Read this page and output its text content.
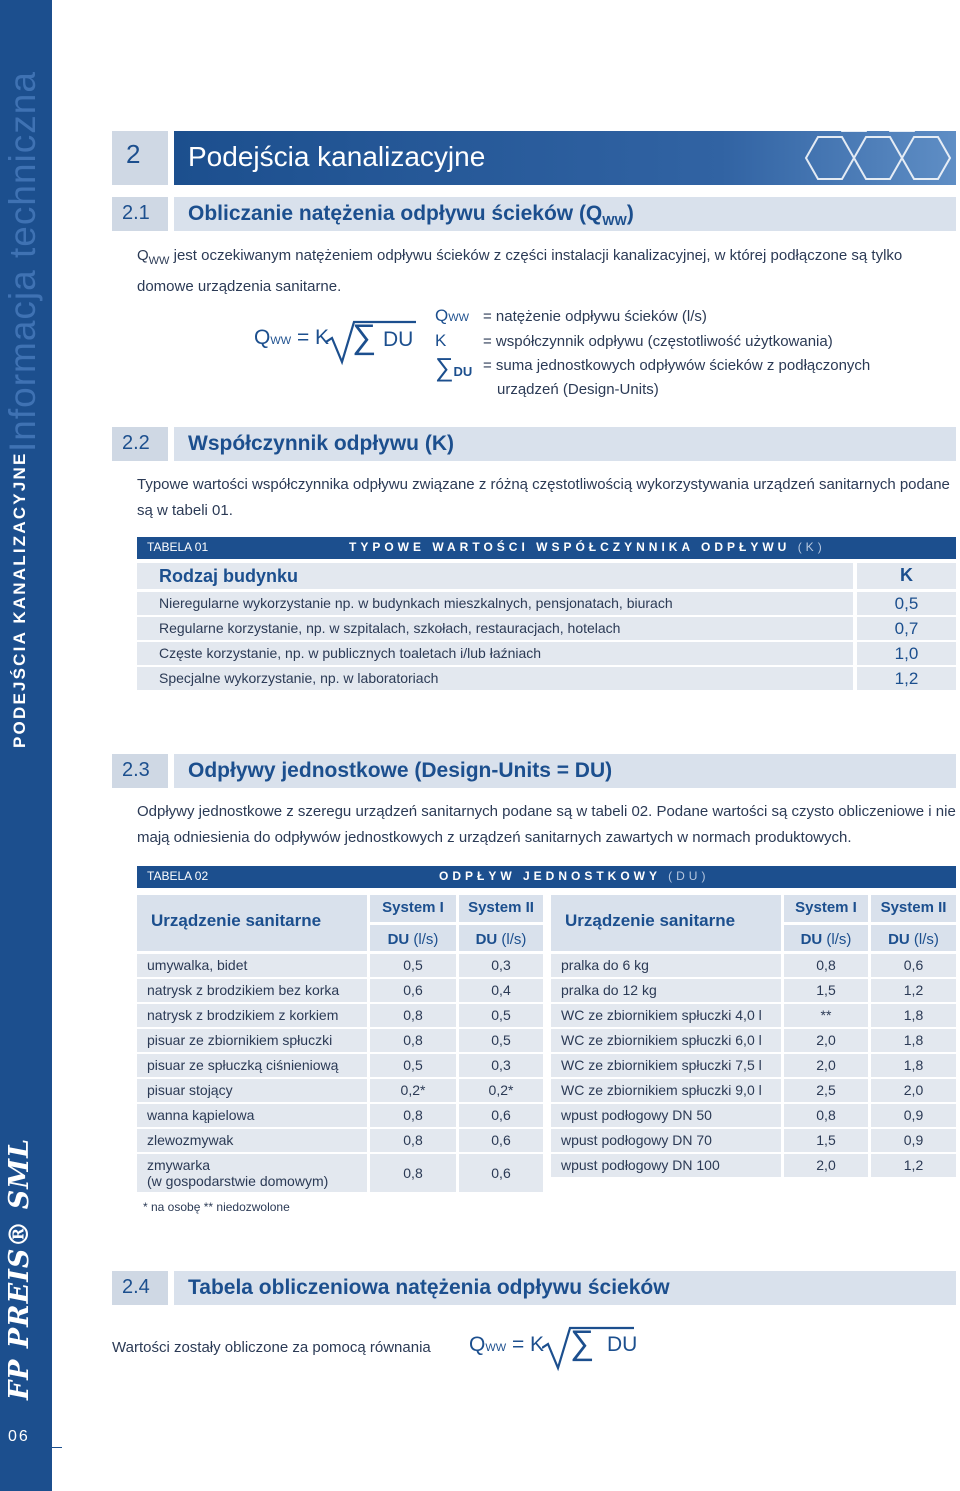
Informacja techniczna
PODEJŚCIA KANALIZACYJNE
FP PREIS® SML
06
2	Podejścia kanalizacyjne
2.1	Obliczanie natężenia odpływu ścieków $(Q_{WW})$
$Q_{WW}$ jest oczekiwanym natężeniem odpływu ścieków z części instalacji kanalizacyjnej, w której podłączone są tylko domowe urządzenia sanitarne.
QWW = K ∑ DU
QWW = natężenie odpływu ścieków (l/s)
K = współczynnik odpływu (częstotliwość użytkowania)
∑DU = suma jednostkowych odpływów ścieków z podłączonych
urządzeń (Design-Units)
2.2	Współczynnik odpływu (K)
Typowe wartości współczynnika odpływu związane z różną częstotliwością wykorzystywania urządzeń sanitarnych podane są w tabeli 01.
TABELA 01	TYPOWE WARTOŚCI WSPÓŁCZYNNIKA ODPŁYWU (K)
Rodzaj budynku	K
Nieregularne wykorzystanie np. w budynkach mieszkalnych, pensjonatach, biurach	0,5
Regularne korzystanie, np. w szpitalach, szkołach, restauracjach, hotelach	0,7
Częste korzystanie, np. w publicznych toaletach i/lub łaźniach	1,0
Specjalne wykorzystanie, np. w laboratoriach	1,2
2.3	Odpływy jednostkowe (Design-Units = DU)
Odpływy jednostkowe z szeregu urządzeń sanitarnych podane są w tabeli 02. Podane wartości są czysto obliczeniowe i nie mają odniesienia do odpływów jednostkowych z urządzeń sanitarnych zawartych w normach produktowych.
TABELA 02	ODPŁYW JEDNOSTKOWY (DU)
Urządzenie sanitarne
System I	System II
DU (l/s)	DU (l/s)
Urządzenie sanitarne
System I	System II
DU (l/s)	DU (l/s)
umywalka, bidet	0,5	0,3
natrysk z brodzikiem bez korka	0,6	0,4
natrysk z brodzikiem z korkiem	0,8	0,5
pisuar ze zbiornikiem spłuczki	0,8	0,5
pisuar ze spłuczką ciśnieniową	0,5	0,3
pisuar stojący	0,2*	0,2*
wanna kąpielowa	0,8	0,6
zlewozmywak	0,8	0,6
zmywarka
(w gospodarstwie domowym)	0,8	0,6
pralka do 6 kg	0,8	0,6
pralka do 12 kg	1,5	1,2
WC ze zbiornikiem spłuczki 4,0 l	**	1,8
WC ze zbiornikiem spłuczki 6,0 l	2,0	1,8
WC ze zbiornikiem spłuczki 7,5 l	2,0	1,8
WC ze zbiornikiem spłuczki 9,0 l	2,5	2,0
wpust podłogowy DN 50	0,8	0,9
wpust podłogowy DN 70	1,5	0,9
wpust podłogowy DN 100	2,0	1,2
* na osobę ** niedozwolone
2.4	Tabela obliczeniowa natężenia odpływu ścieków
Wartości zostały obliczone za pomocą równania	QWW = K ∑ DU
